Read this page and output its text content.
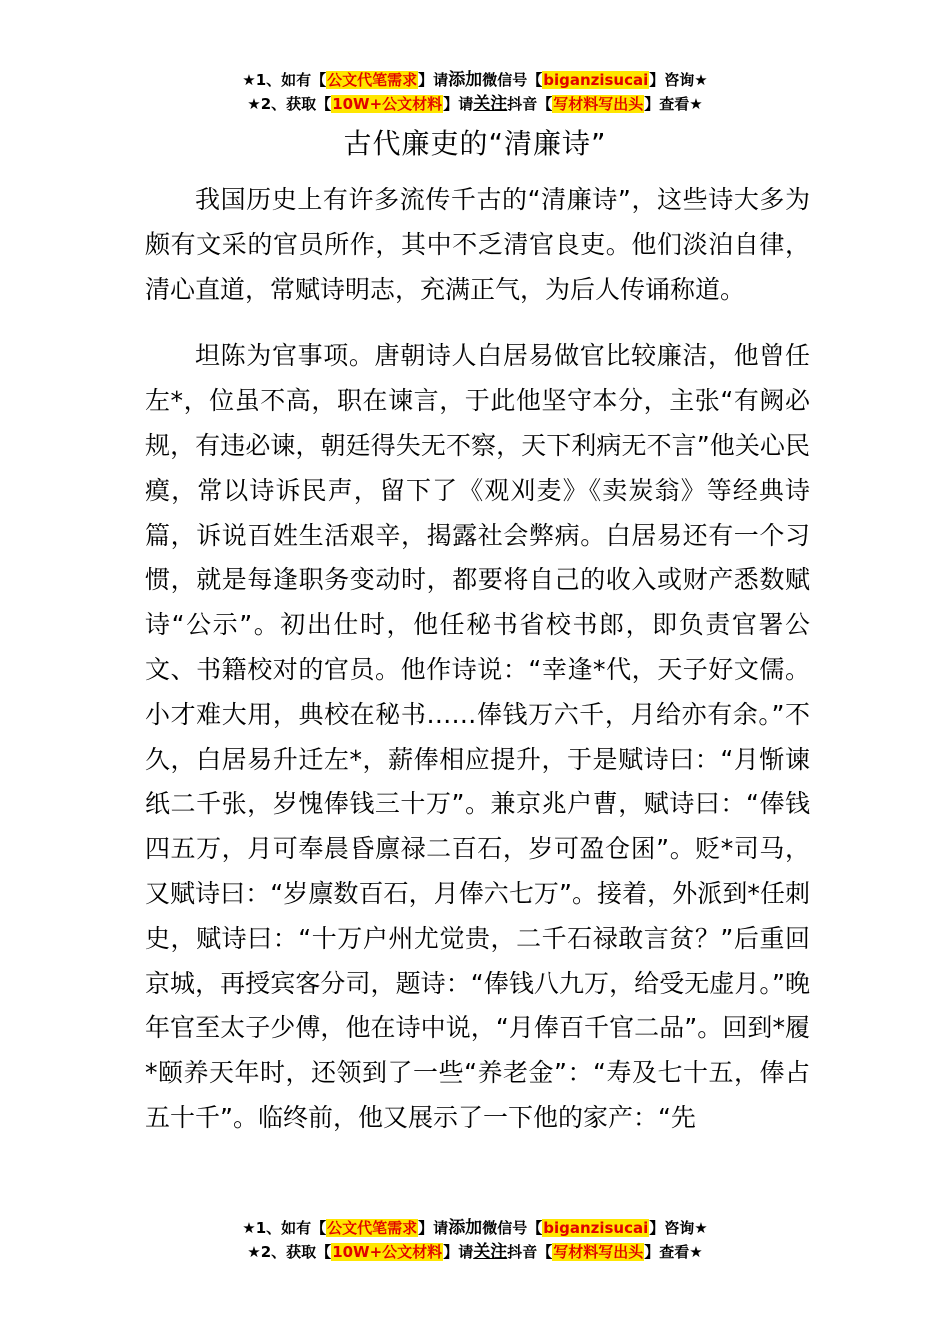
★1、如有【公文代笔需求】请添加微信号【biganzisucai】咨询★
★2、获取【10W+公文材料】请关注抖音【写材料写出头】查看★
古代廉吏的“清廉诗”

我国历史上有许多流传千古的“清廉诗”，这些诗大多为颇有文采的官员所作，其中不乏清官良吏。他们淡泊自律，清心直道，常赋诗明志，充满正气，为后人传诵称道。

坦陈为官事项。唐朝诗人白居易做官比较廉洁，他曾任左*，位虽不高，职在谏言，于此他坚守本分，主张“有阙必规，有违必谏，朝廷得失无不察，天下利病无不言”他关心民瘼，常以诗诉民声，留下了《观刈麦》《卖炭翁》等经典诗篇，诉说百姓生活艰辛，揭露社会弊病。白居易还有一个习惯，就是每逢职务变动时，都要将自己的收入或财产悉数赋诗“公示”。初出仕时，他任秘书省校书郎，即负责官署公文、书籍校对的官员。他作诗说：“幸逢*代，天子好文儒。小才难大用，典校在秘书……俸钱万六千，月给亦有余。”不久，白居易升迁左*，薪俸相应提升，于是赋诗曰：“月惭谏纸二千张，岁愧俸钱三十万”。兼京兆户曹，赋诗曰：“俸钱四五万，月可奉晨昏廪禄二百石，岁可盈仓囷”。贬*司马，又赋诗曰：“岁廪数百石，月俸六七万”。接着，外派到*任刺史，赋诗曰：“十万户州尤觉贵，二千石禄敢言贫？”后重回京城，再授宾客分司，题诗：“俸钱八九万，给受无虚月。”晚年官至太子少傅，他在诗中说，“月俸百千官二品”。回到*履*颐养天年时，还领到了一些“养老金”：“寿及七十五，俸占五十千”。临终前，他又展示了一下他的家产：“先

★1、如有【公文代笔需求】请添加微信号【biganzisucai】咨询★
★2、获取【10W+公文材料】请关注抖音【写材料写出头】查看★
